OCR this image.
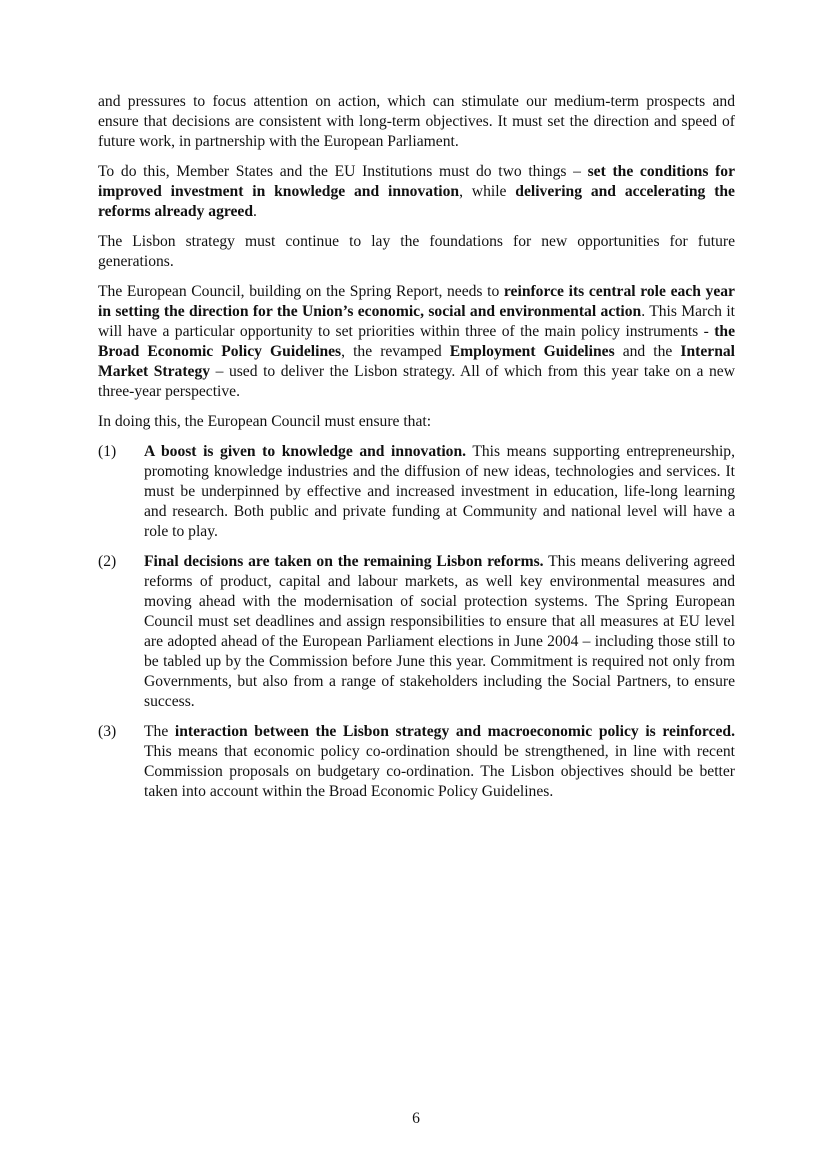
and pressures to focus attention on action, which can stimulate our medium-term prospects and ensure that decisions are consistent with long-term objectives. It must set the direction and speed of future work, in partnership with the European Parliament.

To do this, Member States and the EU Institutions must do two things – set the conditions for improved investment in knowledge and innovation, while delivering and accelerating the reforms already agreed.

The Lisbon strategy must continue to lay the foundations for new opportunities for future generations.

The European Council, building on the Spring Report, needs to reinforce its central role each year in setting the direction for the Union’s economic, social and environmental action. This March it will have a particular opportunity to set priorities within three of the main policy instruments - the Broad Economic Policy Guidelines, the revamped Employment Guidelines and the Internal Market Strategy – used to deliver the Lisbon strategy. All of which from this year take on a new three-year perspective.

In doing this, the European Council must ensure that:

(1)	A boost is given to knowledge and innovation. This means supporting entrepreneurship, promoting knowledge industries and the diffusion of new ideas, technologies and services. It must be underpinned by effective and increased investment in education, life-long learning and research. Both public and private funding at Community and national level will have a role to play.
(2)	Final decisions are taken on the remaining Lisbon reforms. This means delivering agreed reforms of product, capital and labour markets, as well key environmental measures and moving ahead with the modernisation of social protection systems. The Spring European Council must set deadlines and assign responsibilities to ensure that all measures at EU level are adopted ahead of the European Parliament elections in June 2004 – including those still to be tabled up by the Commission before June this year. Commitment is required not only from Governments, but also from a range of stakeholders including the Social Partners, to ensure success.
(3)	The interaction between the Lisbon strategy and macroeconomic policy is reinforced. This means that economic policy co-ordination should be strengthened, in line with recent Commission proposals on budgetary co-ordination. The Lisbon objectives should be better taken into account within the Broad Economic Policy Guidelines.
6
